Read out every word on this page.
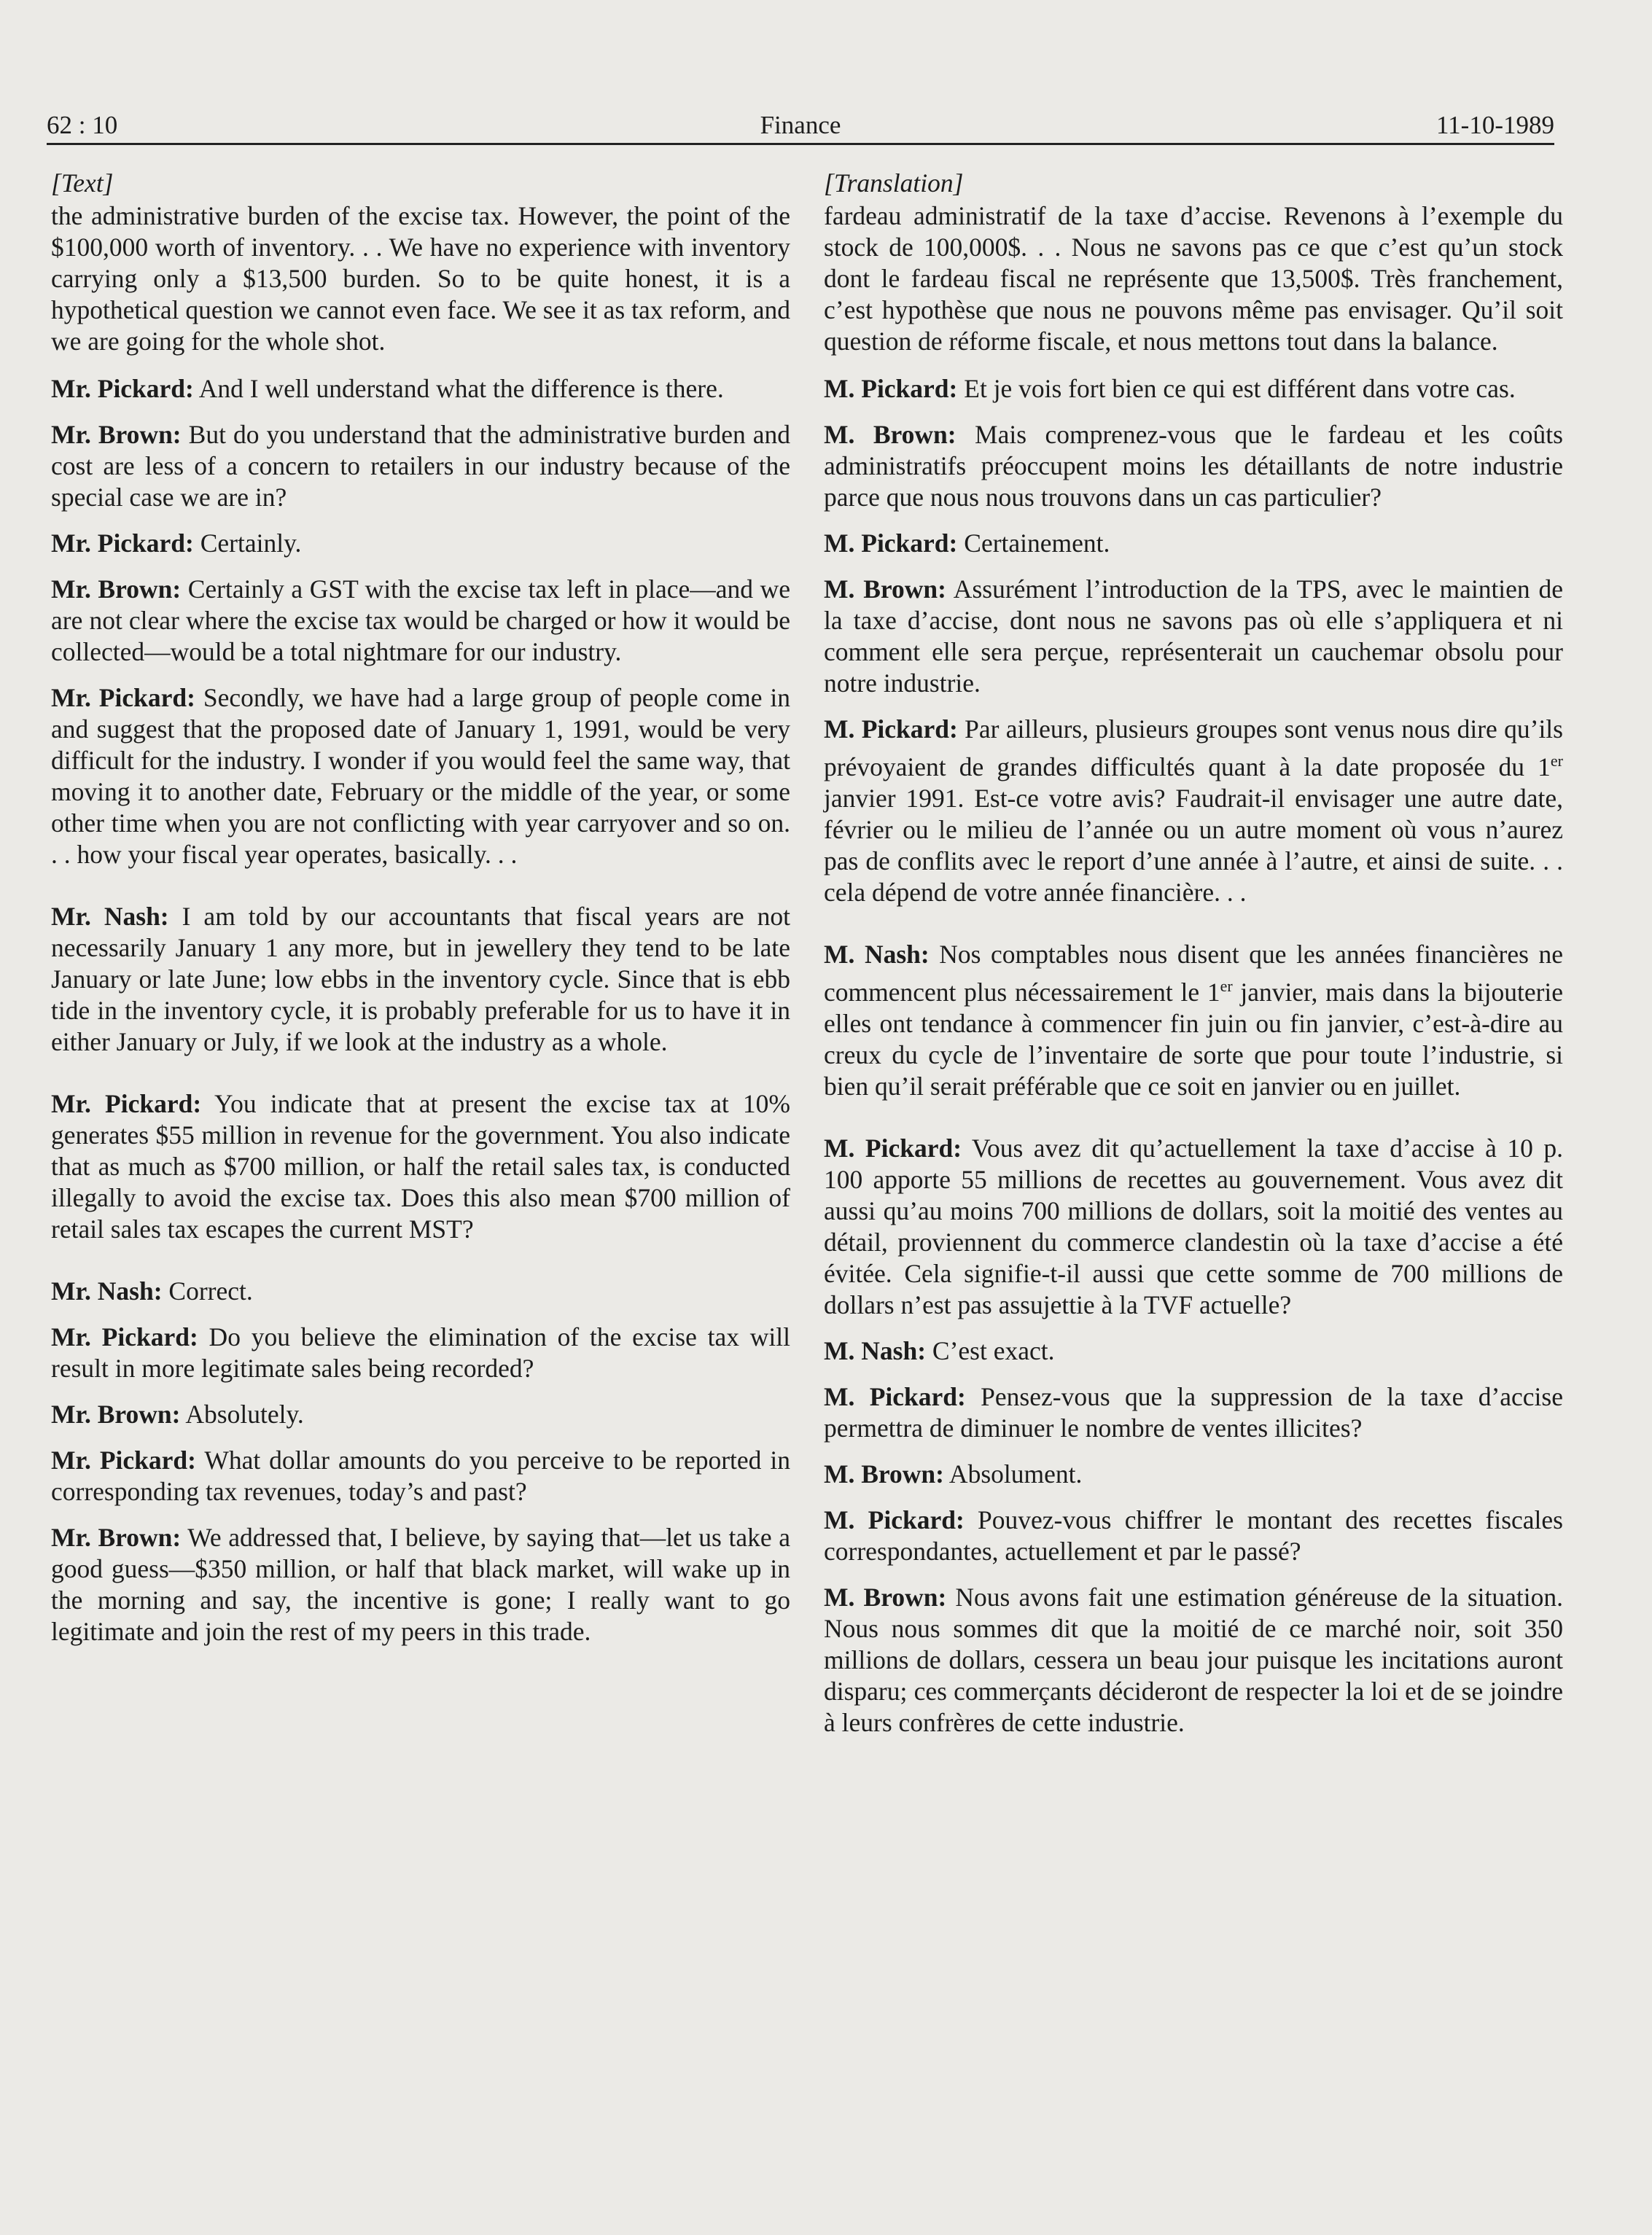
62 : 10	Finance	11-10-1989

[Text]

the administrative burden of the excise tax. However, the point of the $100,000 worth of inventory. . . We have no experience with inventory carrying only a $13,500 burden. So to be quite honest, it is a hypothetical question we cannot even face. We see it as tax reform, and we are going for the whole shot.

Mr. Pickard: And I well understand what the difference is there.

Mr. Brown: But do you understand that the administrative burden and cost are less of a concern to retailers in our industry because of the special case we are in?

Mr. Pickard: Certainly.

Mr. Brown: Certainly a GST with the excise tax left in place—and we are not clear where the excise tax would be charged or how it would be collected—would be a total nightmare for our industry.

Mr. Pickard: Secondly, we have had a large group of people come in and suggest that the proposed date of January 1, 1991, would be very difficult for the industry. I wonder if you would feel the same way, that moving it to another date, February or the middle of the year, or some other time when you are not conflicting with year carryover and so on. . . how your fiscal year operates, basically. . .

Mr. Nash: I am told by our accountants that fiscal years are not necessarily January 1 any more, but in jewellery they tend to be late January or late June; low ebbs in the inventory cycle. Since that is ebb tide in the inventory cycle, it is probably preferable for us to have it in either January or July, if we look at the industry as a whole.

Mr. Pickard: You indicate that at present the excise tax at 10% generates $55 million in revenue for the government. You also indicate that as much as $700 million, or half the retail sales tax, is conducted illegally to avoid the excise tax. Does this also mean $700 million of retail sales tax escapes the current MST?

Mr. Nash: Correct.

Mr. Pickard: Do you believe the elimination of the excise tax will result in more legitimate sales being recorded?

Mr. Brown: Absolutely.

Mr. Pickard: What dollar amounts do you perceive to be reported in corresponding tax revenues, today’s and past?

Mr. Brown: We addressed that, I believe, by saying that—let us take a good guess—$350 million, or half that black market, will wake up in the morning and say, the incentive is gone; I really want to go legitimate and join the rest of my peers in this trade.

[Translation]

fardeau administratif de la taxe d’accise. Revenons à l’exemple du stock de 100,000$. . . Nous ne savons pas ce que c’est qu’un stock dont le fardeau fiscal ne représente que 13,500$. Très franchement, c’est hypothèse que nous ne pouvons même pas envisager. Qu’il soit question de réforme fiscale, et nous mettons tout dans la balance.

M. Pickard: Et je vois fort bien ce qui est différent dans votre cas.

M. Brown: Mais comprenez-vous que le fardeau et les coûts administratifs préoccupent moins les détaillants de notre industrie parce que nous nous trouvons dans un cas particulier?

M. Pickard: Certainement.

M. Brown: Assurément l’introduction de la TPS, avec le maintien de la taxe d’accise, dont nous ne savons pas où elle s’appliquera et ni comment elle sera perçue, représenterait un cauchemar obsolu pour notre industrie.

M. Pickard: Par ailleurs, plusieurs groupes sont venus nous dire qu’ils prévoyaient de grandes difficultés quant à la date proposée du 1er janvier 1991. Est-ce votre avis? Faudrait-il envisager une autre date, février ou le milieu de l’année ou un autre moment où vous n’aurez pas de conflits avec le report d’une année à l’autre, et ainsi de suite. . . cela dépend de votre année financière. . .

M. Nash: Nos comptables nous disent que les années financières ne commencent plus nécessairement le 1er janvier, mais dans la bijouterie elles ont tendance à commencer fin juin ou fin janvier, c’est-à-dire au creux du cycle de l’inventaire de sorte que pour toute l’industrie, si bien qu’il serait préférable que ce soit en janvier ou en juillet.

M. Pickard: Vous avez dit qu’actuellement la taxe d’accise à 10 p. 100 apporte 55 millions de recettes au gouvernement. Vous avez dit aussi qu’au moins 700 millions de dollars, soit la moitié des ventes au détail, proviennent du commerce clandestin où la taxe d’accise a été évitée. Cela signifie-t-il aussi que cette somme de 700 millions de dollars n’est pas assujettie à la TVF actuelle?

M. Nash: C’est exact.

M. Pickard: Pensez-vous que la suppression de la taxe d’accise permettra de diminuer le nombre de ventes illicites?

M. Brown: Absolument.

M. Pickard: Pouvez-vous chiffrer le montant des recettes fiscales correspondantes, actuellement et par le passé?

M. Brown: Nous avons fait une estimation généreuse de la situation. Nous nous sommes dit que la moitié de ce marché noir, soit 350 millions de dollars, cessera un beau jour puisque les incitations auront disparu; ces commerçants décideront de respecter la loi et de se joindre à leurs confrères de cette industrie.
